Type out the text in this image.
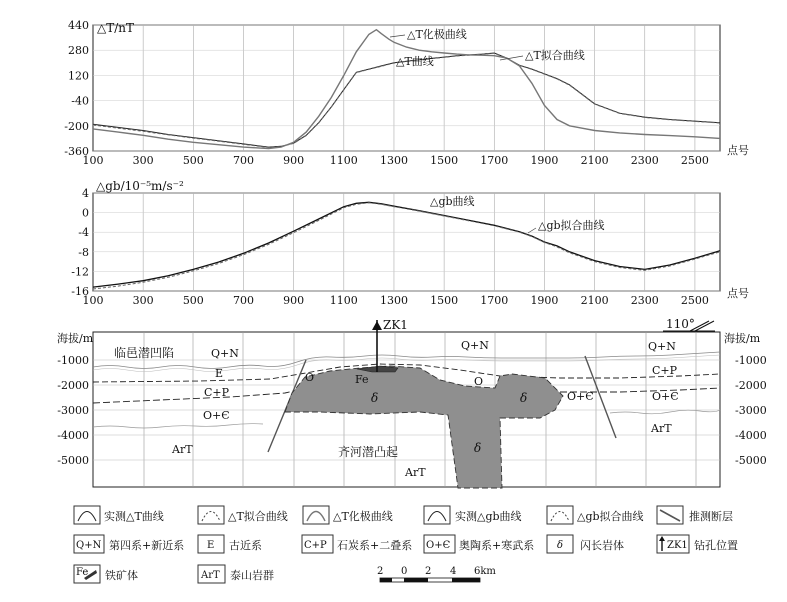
440
280
120
-40
-200
-360
100	300	500	700	900 1100 1300 1500 1700 1900 2100 2300 2500
△T/nT
点号
△T化极曲线
△T拟合曲线
△T曲线
4
0
-4
-8
-12
-16
100	300	500	700	900 1100 1300 1500 1700 1900 2100 2300 2500
△gb/10⁻⁵m/s⁻²
点号
△gb曲线
△gb拟合曲线
ZK1	110°
海拔/m	海拔/m
-1000
-2000
-3000
-4000
-5000
-1000
-2000
-3000
-4000
-5000
临邑潜凹陷
齐河潜凸起
Q+N
Q+N	Q+N
E
C+P
C+P
O+Є
O+Є
O+Є
ArT
ArT
ArT
O	O
Fe
δ	δ
δ
实测△T曲线	△T拟合曲线	△T化极曲线	实测△gb曲线	△gb拟合曲线	推测断层
Q+N 第四系+新近系 E 古近系	C+P 石炭系+二叠系 O+Є 奥陶系+寒武系 δ 闪长岩体	ZK1 钻孔位置
Fe 铁矿体	ArT 泰山岩群	2 0 2 4 6km
